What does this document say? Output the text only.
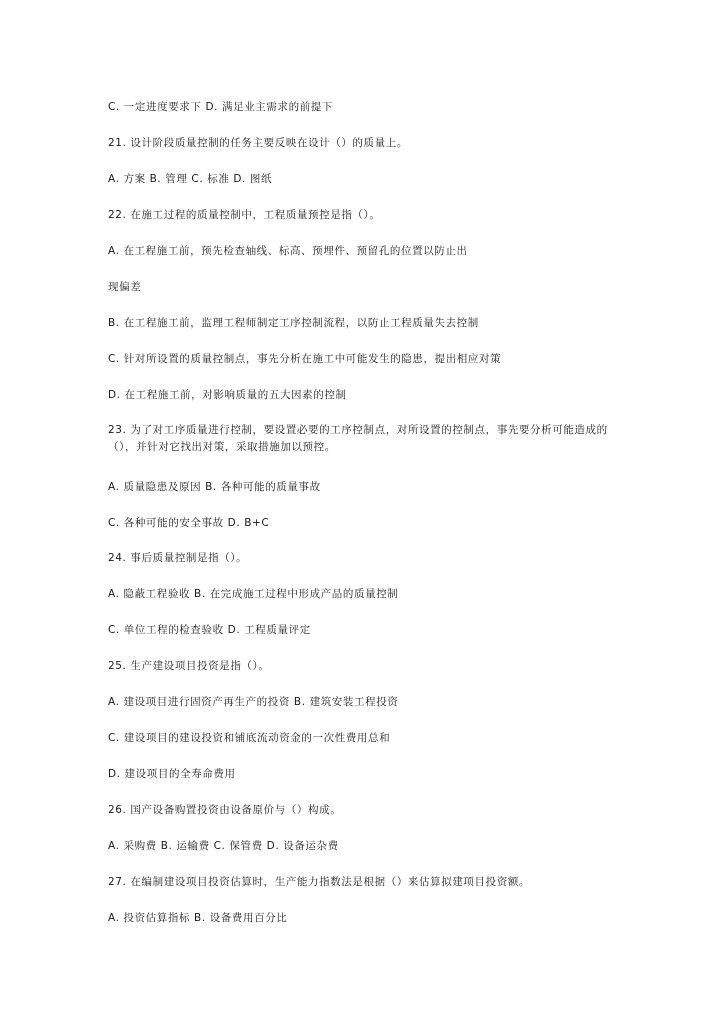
C. 一定进度要求下 D. 满足业主需求的前提下
21. 设计阶段质量控制的任务主要反映在设计（）的质量上。
A. 方案 B. 管理 C. 标准 D. 图纸
22. 在施工过程的质量控制中，工程质量预控是指（）。
A. 在工程施工前，预先检查轴线、标高、预埋件、预留孔的位置以防止出
现偏差
B. 在工程施工前，监理工程师制定工序控制流程，以防止工程质量失去控制
C. 针对所设置的质量控制点，事先分析在施工中可能发生的隐患，提出相应对策
D. 在工程施工前，对影响质量的五大因素的控制
23. 为了对工序质量进行控制，要设置必要的工序控制点，对所设置的控制点，事先要分析可能造成的（），并针对它找出对策，采取措施加以预控。
A. 质量隐患及原因 B. 各种可能的质量事故
C. 各种可能的安全事故 D. B+C
24. 事后质量控制是指（）。
A. 隐蔽工程验收 B. 在完成施工过程中形成产品的质量控制
C. 单位工程的检查验收 D. 工程质量评定
25. 生产建设项目投资是指（）。
A. 建设项目进行固资产再生产的投资 B. 建筑安装工程投资
C. 建设项目的建设投资和铺底流动资金的一次性费用总和
D. 建设项目的全寿命费用
26. 国产设备购置投资由设备原价与（）构成。
A. 采购费 B. 运输费 C. 保管费 D. 设备运杂费
27. 在编制建设项目投资估算时，生产能力指数法是根据（）来估算拟建项目投资额。
A. 投资估算指标 B. 设备费用百分比
